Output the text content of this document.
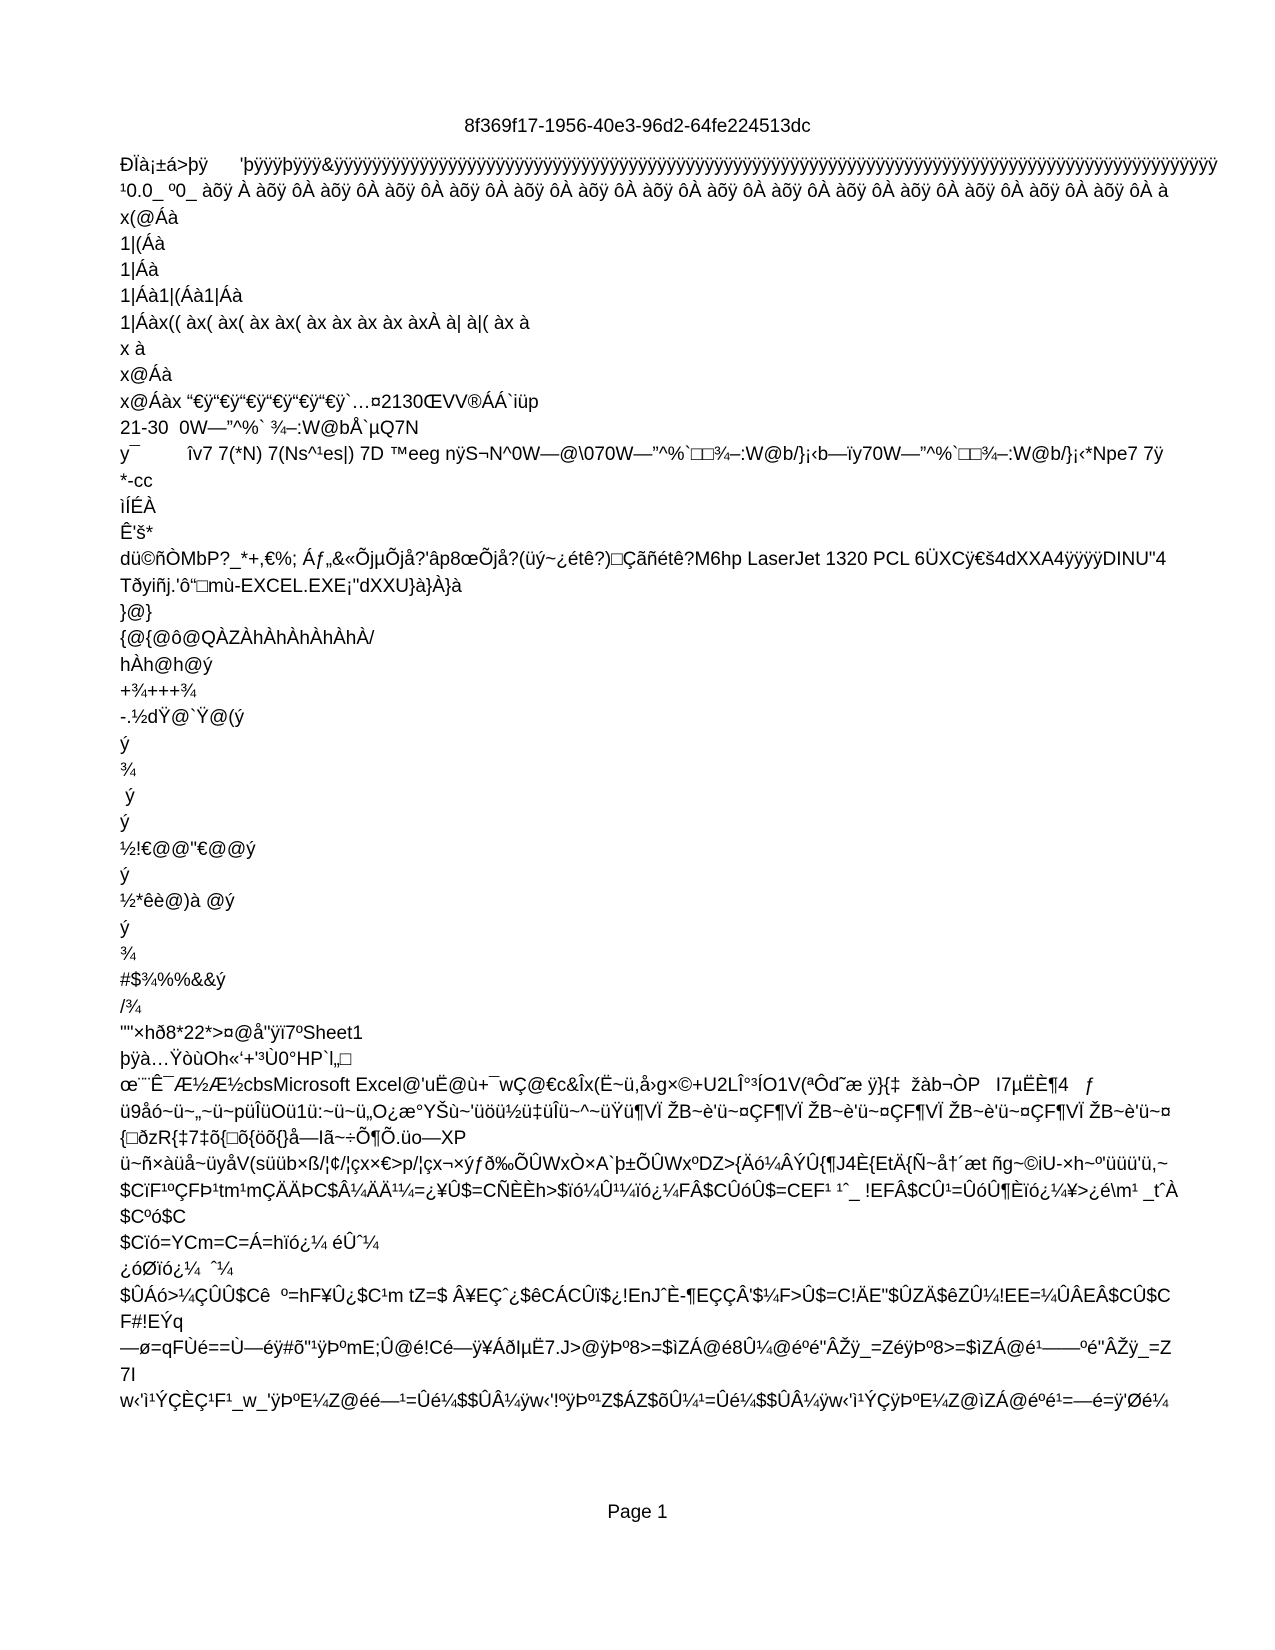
8f369f17-1956-40e3-96d2-64fe224513dc
ÐÏà¡±á>þÿ      'þÿÿÿþÿÿÿ&ÿÿÿÿÿÿÿÿÿÿÿÿÿÿÿÿÿÿÿÿÿÿÿÿÿÿÿÿÿÿÿÿÿÿÿÿÿÿÿÿÿÿÿÿÿÿÿÿÿÿÿÿÿÿÿÿÿÿÿÿÿÿÿÿÿÿÿÿÿÿÿÿÿÿÿÿÿÿÿÿÿÿÿÿÿÿÿÿÿÿÿÿÿ
¹0.0_ º0_ àõÿ À àõÿ ôÀ àõÿ ôÀ àõÿ ôÀ àõÿ ôÀ àõÿ ôÀ àõÿ ôÀ àõÿ ôÀ àõÿ ôÀ àõÿ ôÀ àõÿ ôÀ àõÿ ôÀ àõÿ ôÀ àõÿ ôÀ àõÿ ôÀ à
x(@Áà
1|(Áà
1|Áà
1|Áà1|(Áà1|Áà
1|Áàx(( àx( àx( àx àx( àx àx àx àx àxÀ à| à|( àx à
x à
x@Áà
x@Áàx “€ÿ“€ÿ“€ÿ“€ÿ“€ÿ“€ÿ`…¤2130ŒVV®ÁÁ`iüp
21-30  0W—”^%` ¾–:W@bÅ`µQ7N
y¯         îv7 7(*N) 7(Ns^¹es|) 7D ™eeg nÿS¬N^0W—@\070W—”^%`□□¾–:W@b/}¡‹b—ïy70W—”^%`□□¾–:W@b/}¡‹*Npe7 7ÿ
*-cc
ìÍÉÀ
Ê'š*
dü©ñÒMbP?_*+,€%; Áƒ„&«ÕjµÕjå?'âp8œÕjå?(üý~¿étê?)□Çãñétê?M6hp LaserJet 1320 PCL 6ÜXCÿ€š4dXXA4ÿÿÿÿDINU"4
Tðyiñj.'ô“□mù-EXCEL.EXE¡"dXXU}à}À}à
}@}
{@{@ô@QÀZÀhÀhÀhÀhÀhÀ/
hÀh@h@ý
+¾+++¾
-.½dŸ@`Ÿ@(ý
ý
¾
ý
ý
½!€@@"€@@ý
ý
½*êè@)à @ý
ý
¾
#$¾%%&&ý
/¾
""×hð8*22*>¤@å"ÿï7ºSheet1
þÿà…ŸòùOh«‘+'³Ù0°HP`l„□
œ¨¨Ê¯Æ½Æ½cbsMicrosoft Excel@'uË@ù+¯wÇ@€c&Îx(Ë~ü,å›g×©+U2LÎ°³ÍO1V(ªÔd˜æ ÿ}{‡  žàb¬ÒP   I7µËÈ¶4   ƒ
ü9åó~ü~„~ü~püÎüOü1ü:~ü~ü„O¿æ°YŠù~'üöü½ü‡üÎü~^~üŸü¶VÏ ŽB~è'ü~¤ÇF¶VÏ ŽB~è'ü~¤ÇF¶VÏ ŽB~è'ü~¤ÇF¶VÏ ŽB~è'ü~¤
{□ðzR{‡7‡õ{□õ{öõ{}å—Iã~÷Õ¶Õ.üo—XP
ü~ñ×àüå~üyåV(süüb×ß/¦¢/¦çx×€>p/¦çx¬×ýƒð‰ÕÛWxÒ×A`þ±ÕÛWxºDZ>{Äó¼ÂÝÛ{¶J4È{EtÄ{Ñ~å†´æt ñg~©iU-×h~º'üüü'ü,~
$CïF¹ºÇFÞ¹tm¹mÇÄÄÞC$Â¼ÄÄ¹¼=¿¥Û$=CÑÈÈh>$ïó¼Û¹¼ïó¿¼FÂ$CÛóÛ$=CEF¹ ¹ˆ_ !EFÂ$CÛ¹=ÛóÛ¶Èïó¿¼¥>¿é\m¹ _tˆÀ
$Cºó$C
$Cïó=YCm=C=Á=hïó¿¼ éÛˆ¼
¿óØïó¿¼  ˆ¼
$ÛÁó>¼ÇÛÛ$Cê  º=hF¥Û¿$C¹m tZ=$ Â¥EÇˆ¿$êCÁCÛï$¿!EnJˆÈ-¶EÇÇÂ'$¼F>Û$=C!ÄE"$ÛZÄ$êZÛ¼!EE=¼ÛÂEÂ$CÛ$C
F#!EÝq
—ø=qFÙé==Ù—éÿ#õ"¹ÿÞºmE;Û@é!Cé—ÿ¥ÁðIµË7.J>@ÿÞº8>=$ìZÁ@é8Û¼@éºé"ÂŽÿ_=ZéÿÞº8>=$ìZÁ@é¹——ºé"ÂŽÿ_=Z
7I
w‹'ì¹ÝÇÈÇ¹F¹_w_'ÿÞºE¼Z@éé—¹=Ûé¼$$ÛÂ¼ÿw‹'!ºÿÞº¹Z$ÁZ$õÛ¼¹=Ûé¼$$ÛÂ¼ÿw‹'ì¹ÝÇÿÞºE¼Z@ìZÁ@éºé¹=—é=ÿ'Øé¼
Page 1
